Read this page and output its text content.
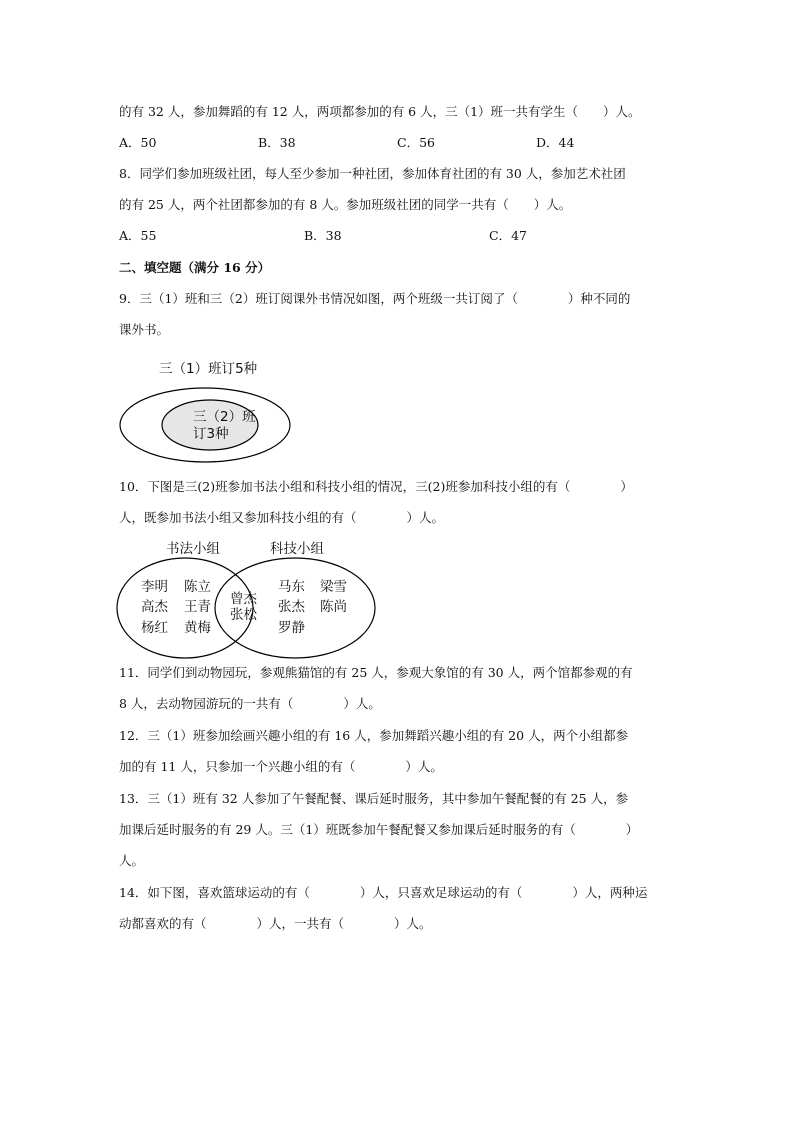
的有 32 人，参加舞蹈的有 12 人，两项都参加的有 6 人，三（1）班一共有学生（　　）人。
A．50	B．38	C．56	D．44
8．同学们参加班级社团，每人至少参加一种社团，参加体育社团的有 30 人，参加艺术社团
的有 25 人，两个社团都参加的有 8 人。参加班级社团的同学一共有（　　）人。
A．55	B．38	C．47
二、填空题（满分 16 分）
9．三（1）班和三（2）班订阅课外书情况如图，两个班级一共订阅了（　　　　）种不同的
课外书。
三（1）班订5种
三（2）班
订3种
10．下图是三(2)班参加书法小组和科技小组的情况，三(2)班参加科技小组的有（　　　　）
人，既参加书法小组又参加科技小组的有（　　　　）人。
书法小组	科技小组
李明 陈立
高杰 王青
杨红 黄梅
曾杰
张松
马东 梁雪
张杰 陈尚
罗静
11．同学们到动物园玩，参观熊猫馆的有 25 人，参观大象馆的有 30 人，两个馆都参观的有
8 人，去动物园游玩的一共有（　　　　）人。
12．三（1）班参加绘画兴趣小组的有 16 人，参加舞蹈兴趣小组的有 20 人，两个小组都参
加的有 11 人，只参加一个兴趣小组的有（　　　　）人。
13．三（1）班有 32 人参加了午餐配餐、课后延时服务，其中参加午餐配餐的有 25 人，参
加课后延时服务的有 29 人。三（1）班既参加午餐配餐又参加课后延时服务的有（　　　　）
人。
14．如下图，喜欢篮球运动的有（　　　　）人，只喜欢足球运动的有（　　　　）人，两种运
动都喜欢的有（　　　　）人，一共有（　　　　）人。
